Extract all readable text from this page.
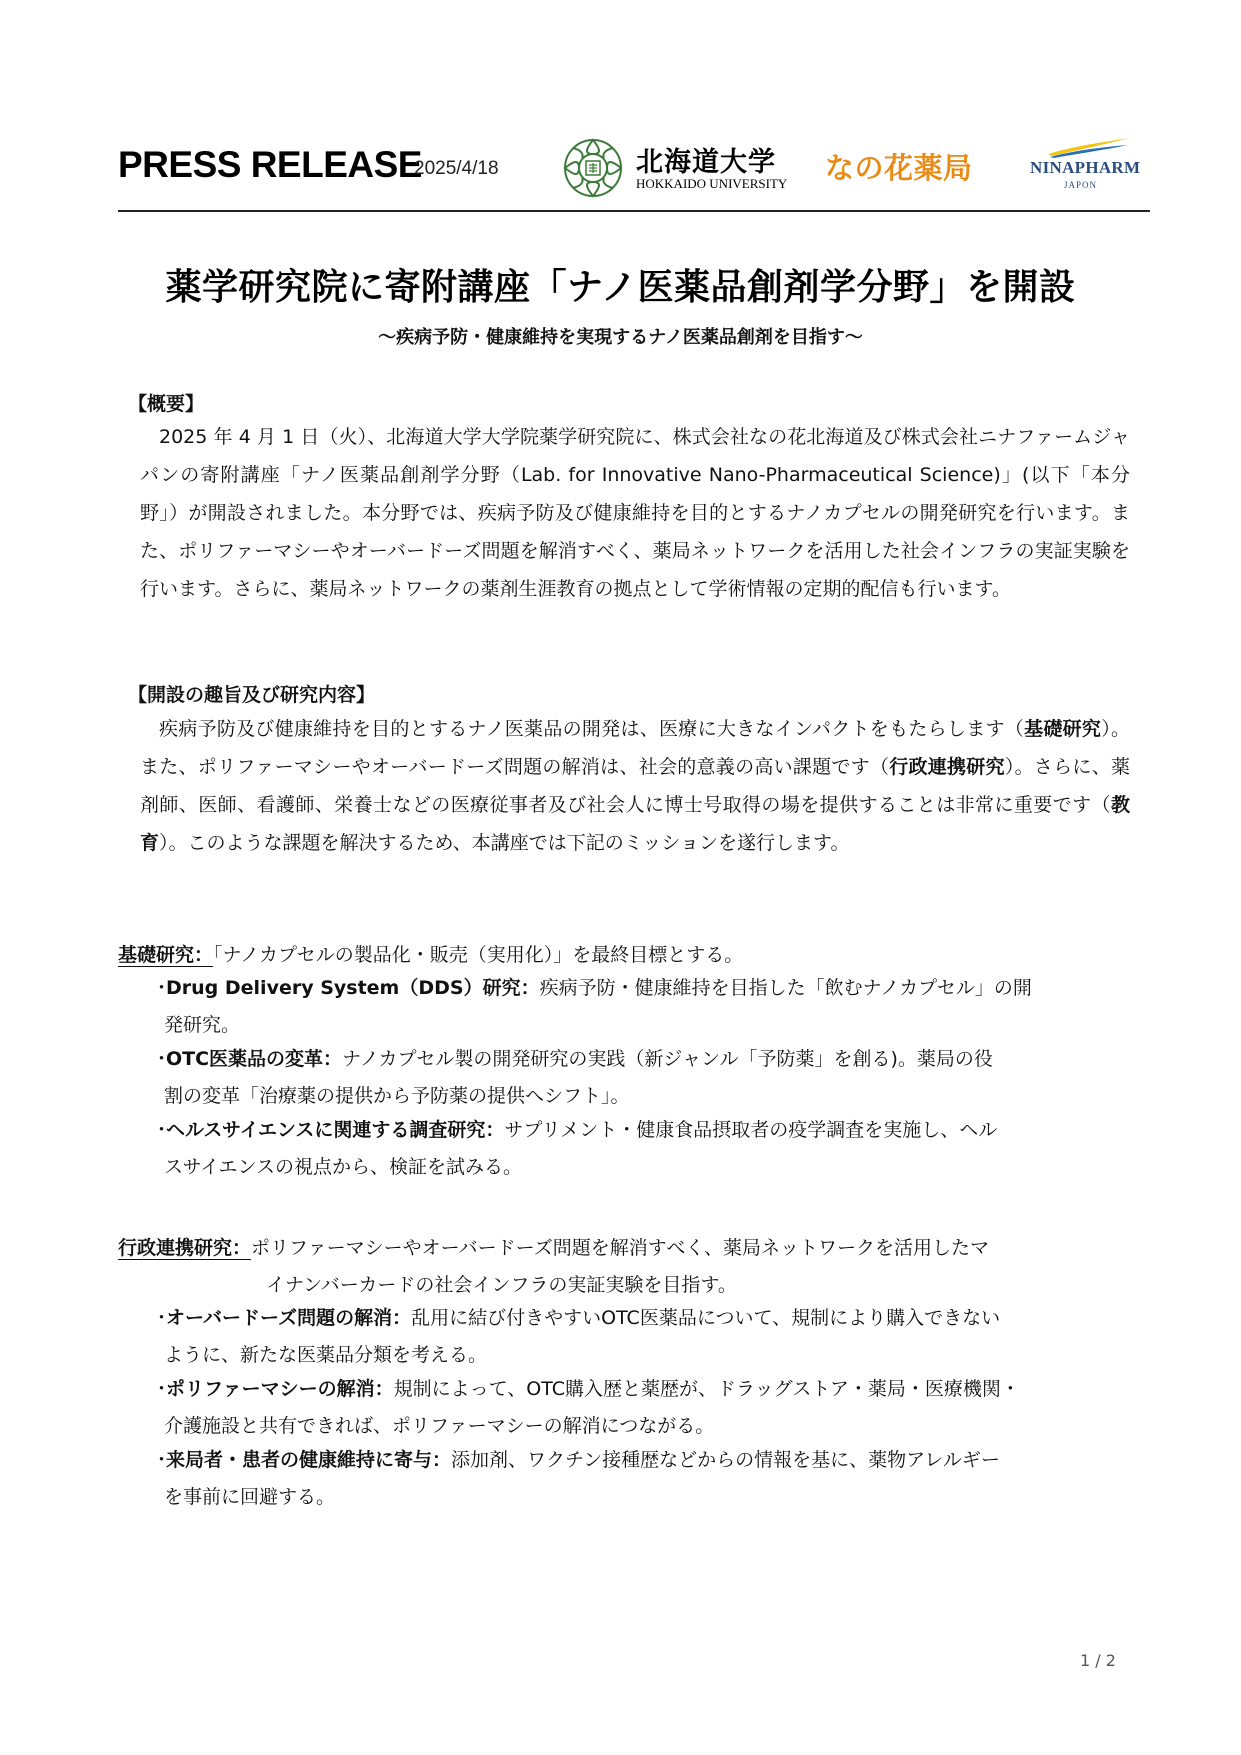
PRESS RELEASE
2025/4/18	北海道大学
HOKKAIDO UNIVERSITY なの花薬局	NINAPHARM
JAPON
薬学研究院に寄附講座「ナノ医薬品創剤学分野」を開設
～疾病予防・健康維持を実現するナノ医薬品創剤を目指す～
【概要】
2025 年 4 月 1 日（火）、北海道大学大学院薬学研究院に、株式会社なの花北海道及び株式会社ニナファームジャパンの寄附講座「ナノ医薬品創剤学分野（Lab. for Innovative Nano-Pharmaceutical Science)」(以下「本分野」）が開設されました。本分野では、疾病予防及び健康維持を目的とするナノカプセルの開発研究を行います。また、ポリファーマシーやオーバードーズ問題を解消すべく、薬局ネットワークを活用した社会インフラの実証実験を行います。さらに、薬局ネットワークの薬剤生涯教育の拠点として学術情報の定期的配信も行います。
【開設の趣旨及び研究内容】
疾病予防及び健康維持を目的とするナノ医薬品の開発は、医療に大きなインパクトをもたらします（基礎研究）。また、ポリファーマシーやオーバードーズ問題の解消は、社会的意義の高い課題です（行政連携研究）。さらに、薬剤師、医師、看護師、栄養士などの医療従事者及び社会人に博士号取得の場を提供することは非常に重要です（教育）。このような課題を解決するため、本講座では下記のミッションを遂行します。
基礎研究：「ナノカプセルの製品化・販売（実用化）」を最終目標とする。
・Drug Delivery System（DDS）研究：疾病予防・健康維持を目指した「飲むナノカプセル」の開
発研究。
・OTC医薬品の変革：ナノカプセル製の開発研究の実践（新ジャンル「予防薬」を創る)。薬局の役
割の変革「治療薬の提供から予防薬の提供へシフト」。
・ヘルスサイエンスに関連する調査研究：サプリメント・健康食品摂取者の疫学調査を実施し、ヘル
スサイエンスの視点から、検証を試みる。
行政連携研究：ポリファーマシーやオーバードーズ問題を解消すべく、薬局ネットワークを活用したマ
イナンバーカードの社会インフラの実証実験を目指す。
・オーバードーズ問題の解消：乱用に結び付きやすいOTC医薬品について、規制により購入できない
ように、新たな医薬品分類を考える。
・ポリファーマシーの解消：規制によって、OTC購入歴と薬歴が、ドラッグストア・薬局・医療機関・
介護施設と共有できれば、ポリファーマシーの解消につながる。
・来局者・患者の健康維持に寄与：添加剤、ワクチン接種歴などからの情報を基に、薬物アレルギー
を事前に回避する。
1 / 2
